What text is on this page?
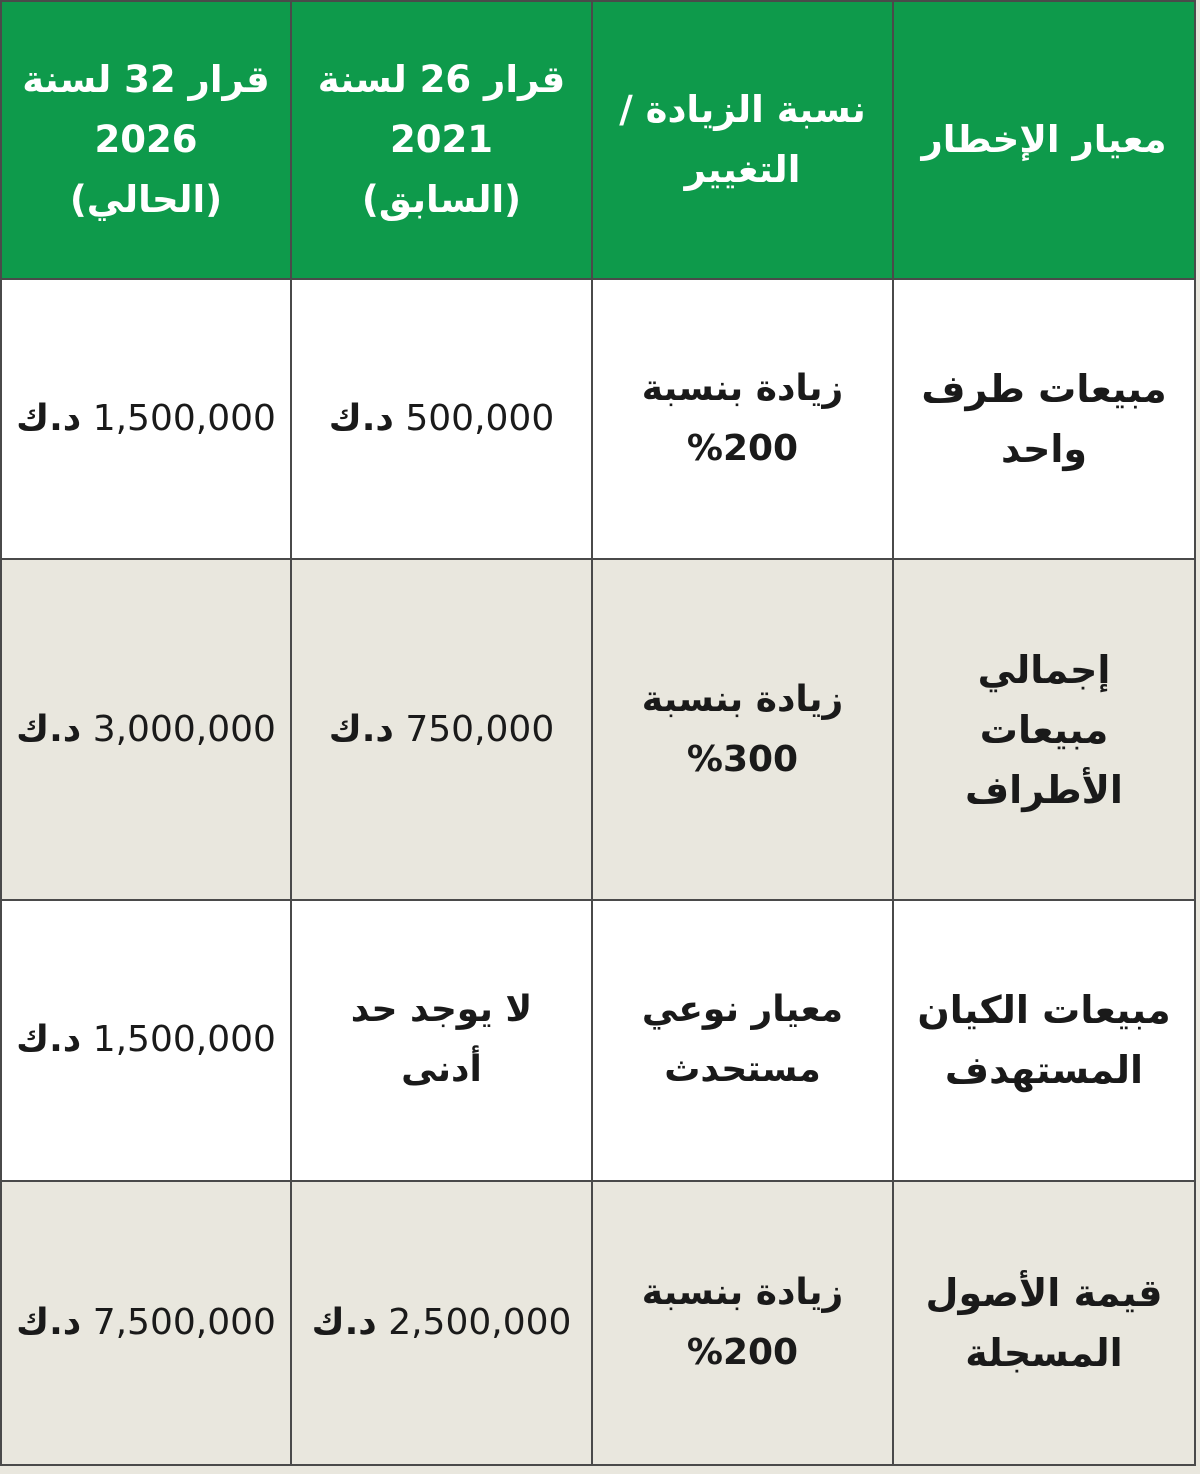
معيار الإخطار	نسبة الزيادة / التغيير	قرار 26 لسنة 2021 (السابق)	قرار 32 لسنة 2026 (الحالي)
مبيعات طرف واحد	زيادة بنسبة 200%	500,000 د.ك	1,500,000 د.ك
إجمالي مبيعات الأطراف	زيادة بنسبة 300%	750,000 د.ك	3,000,000 د.ك
مبيعات الكيان المستهدف	معيار نوعي مستحدث	لا يوجد حد أدنى	1,500,000 د.ك
قيمة الأصول المسجلة	زيادة بنسبة 200%	2,500,000 د.ك	7,500,000 د.ك
